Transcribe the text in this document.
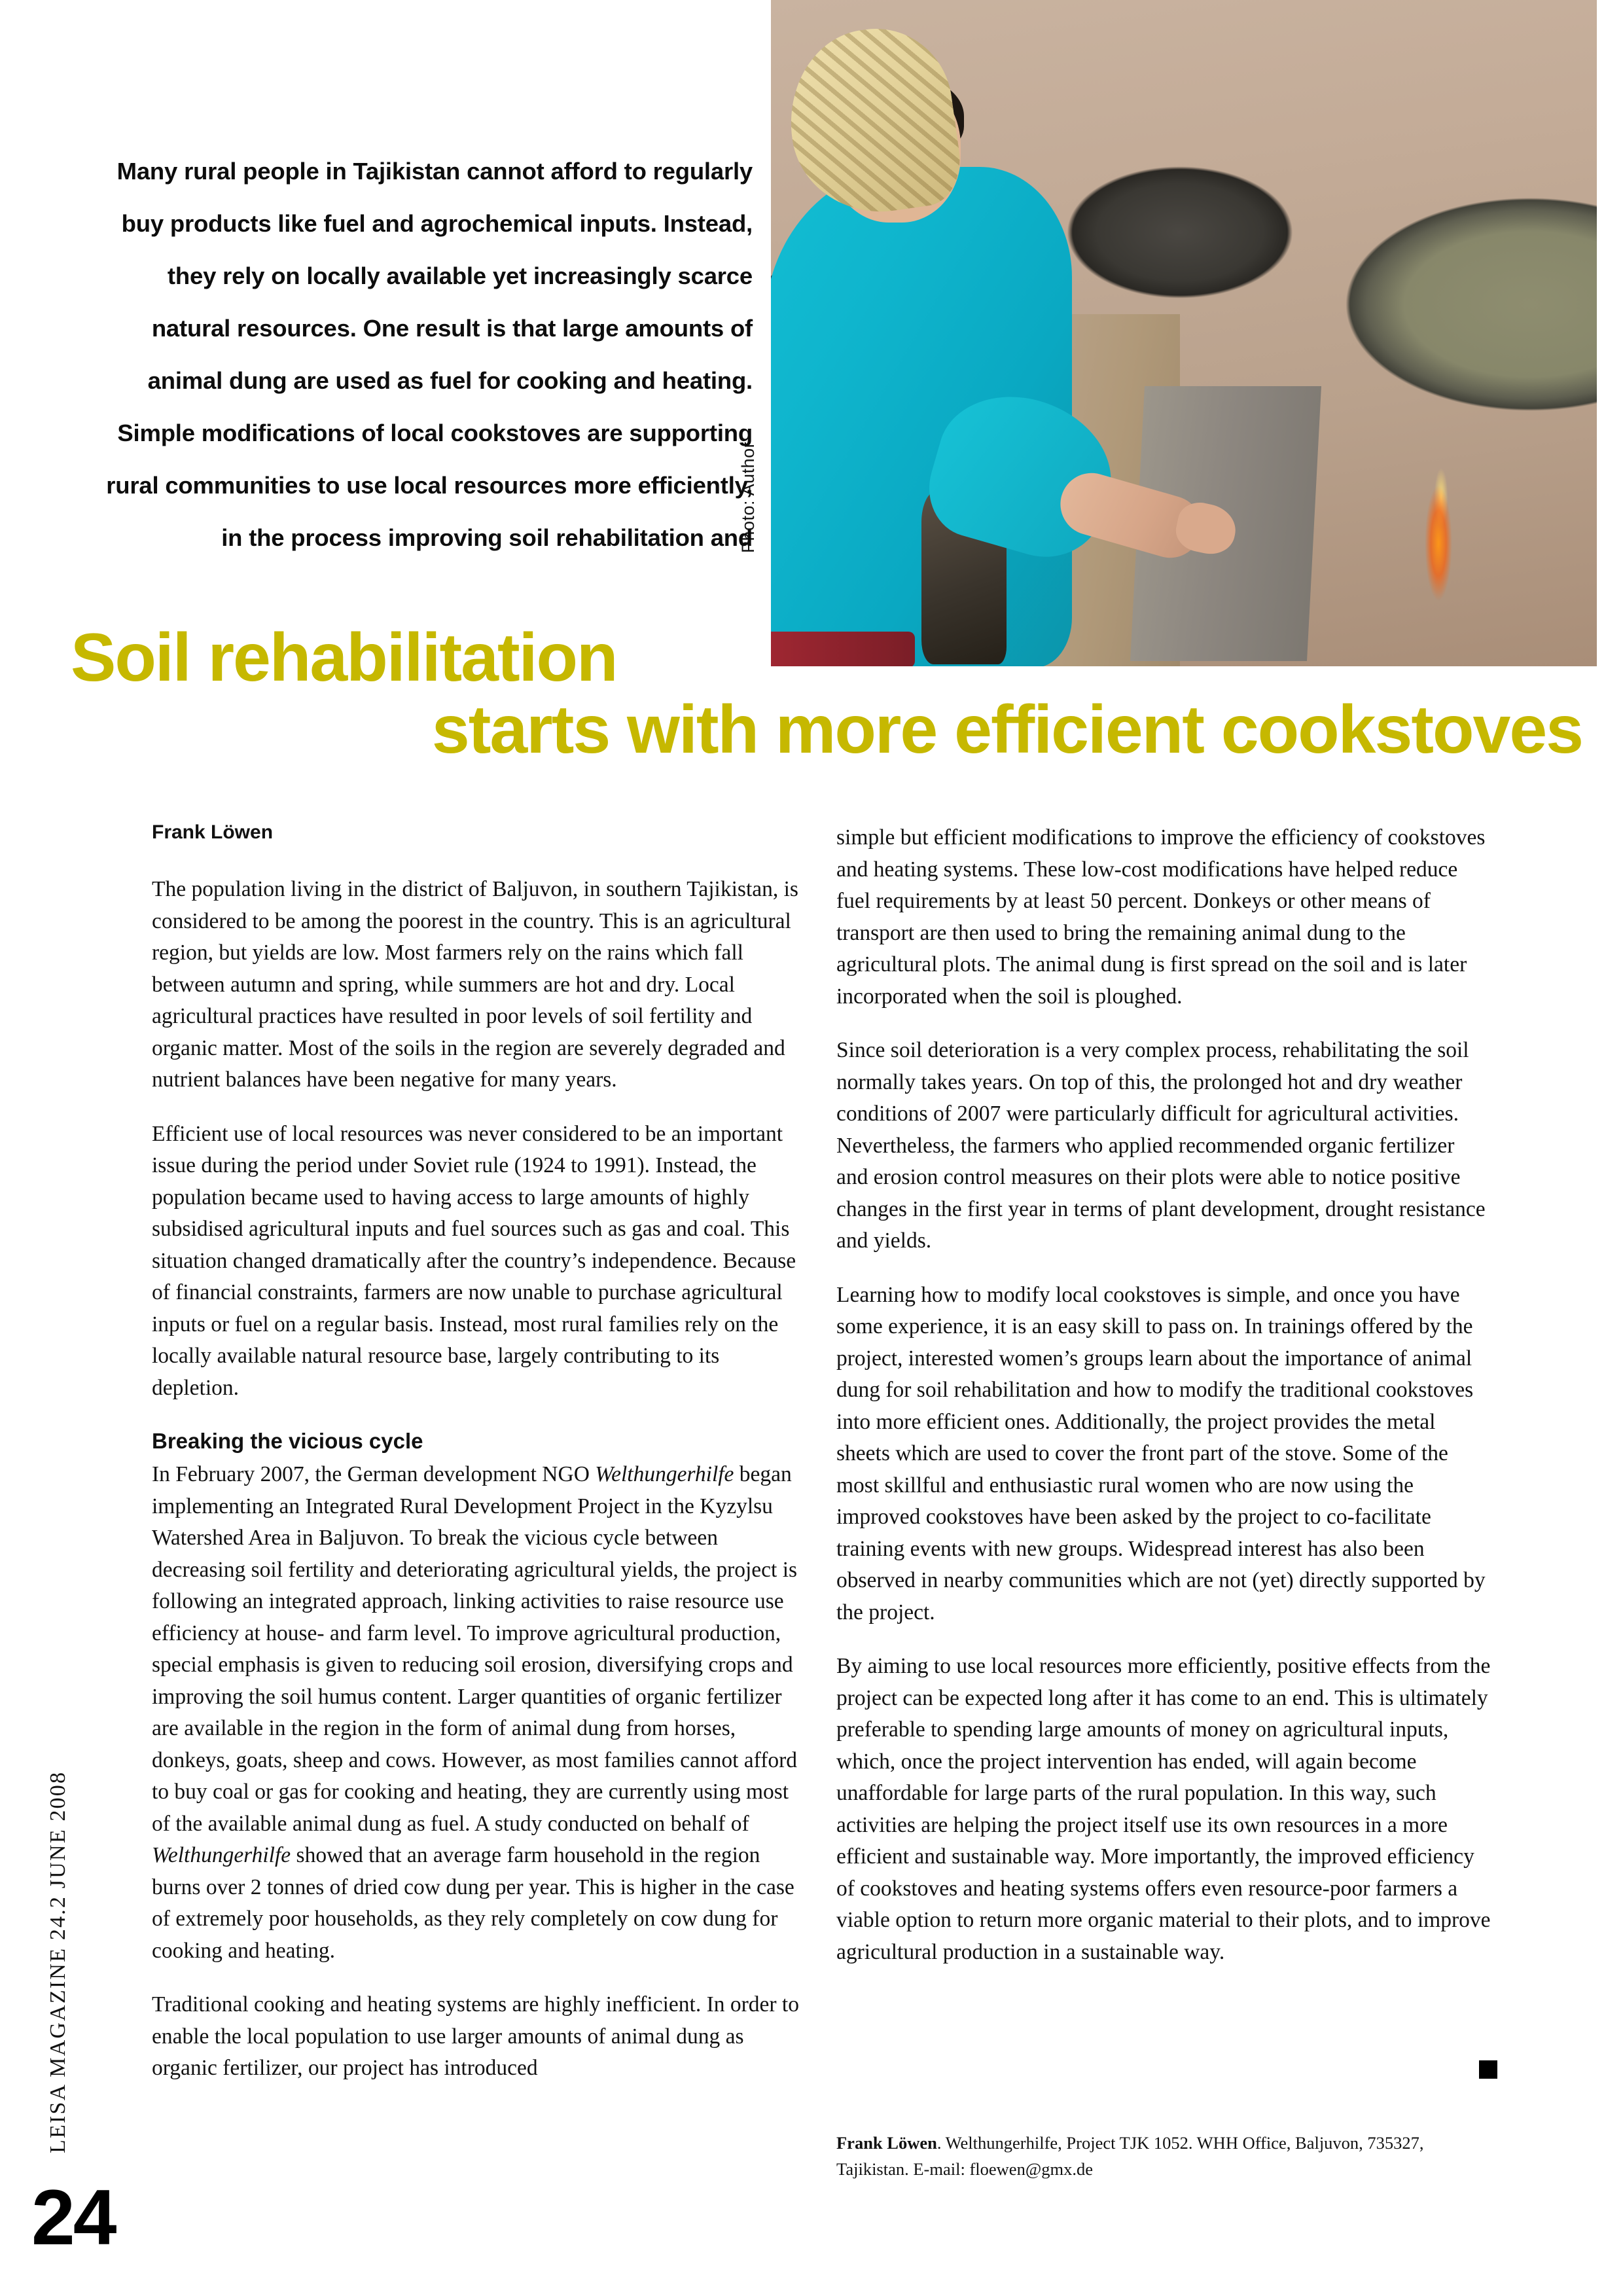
Photo: Author
Many rural people in Tajikistan cannot afford to regularly
buy products like fuel and agrochemical inputs. Instead,
they rely on locally available yet increasingly scarce
natural resources. One result is that large amounts of
animal dung are used as fuel for cooking and heating.
Simple modifications of local cookstoves are supporting
rural communities to use local resources more efficiently,
in the process improving soil rehabilitation and
Soil rehabilitation
starts with more efficient cookstoves
Frank Löwen

The population living in the district of Baljuvon, in southern Tajikistan, is considered to be among the poorest in the country. This is an agricultural region, but yields are low. Most farmers rely on the rains which fall between autumn and spring, while summers are hot and dry. Local agricultural practices have resulted in poor levels of soil fertility and organic matter. Most of the soils in the region are severely degraded and nutrient balances have been negative for many years.

Efficient use of local resources was never considered to be an important issue during the period under Soviet rule (1924 to 1991). Instead, the population became used to having access to large amounts of highly subsidised agricultural inputs and fuel sources such as gas and coal. This situation changed dramatically after the country’s independence. Because of financial constraints, farmers are now unable to purchase agricultural inputs or fuel on a regular basis. Instead, most rural families rely on the locally available natural resource base, largely contributing to its depletion.

Breaking the vicious cycle

In February 2007, the German development NGO Welthungerhilfe began implementing an Integrated Rural Development Project in the Kyzylsu Watershed Area in Baljuvon. To break the vicious cycle between decreasing soil fertility and deteriorating agricultural yields, the project is following an integrated approach, linking activities to raise resource use efficiency at house- and farm level. To improve agricultural production, special emphasis is given to reducing soil erosion, diversifying crops and improving the soil humus content. Larger quantities of organic fertilizer are available in the region in the form of animal dung from horses, donkeys, goats, sheep and cows. However, as most families cannot afford to buy coal or gas for cooking and heating, they are currently using most of the available animal dung as fuel. A study conducted on behalf of Welthungerhilfe showed that an average farm household in the region burns over 2 tonnes of dried cow dung per year. This is higher in the case of extremely poor households, as they rely completely on cow dung for cooking and heating.

Traditional cooking and heating systems are highly inefficient. In order to enable the local population to use larger amounts of animal dung as organic fertilizer, our project has introduced

simple but efficient modifications to improve the efficiency of cookstoves and heating systems. These low-cost modifications have helped reduce fuel requirements by at least 50 percent. Donkeys or other means of transport are then used to bring the remaining animal dung to the agricultural plots. The animal dung is first spread on the soil and is later incorporated when the soil is ploughed.

Since soil deterioration is a very complex process, rehabilitating the soil normally takes years. On top of this, the prolonged hot and dry weather conditions of 2007 were particularly difficult for agricultural activities. Nevertheless, the farmers who applied recommended organic fertilizer and erosion control measures on their plots were able to notice positive changes in the first year in terms of plant development, drought resistance and yields.

Learning how to modify local cookstoves is simple, and once you have some experience, it is an easy skill to pass on. In trainings offered by the project, interested women’s groups learn about the importance of animal dung for soil rehabilitation and how to modify the traditional cookstoves into more efficient ones. Additionally, the project provides the metal sheets which are used to cover the front part of the stove. Some of the most skillful and enthusiastic rural women who are now using the improved cookstoves have been asked by the project to co-facilitate training events with new groups. Widespread interest has also been observed in nearby communities which are not (yet) directly supported by the project.

By aiming to use local resources more efficiently, positive effects from the project can be expected long after it has come to an end. This is ultimately preferable to spending large amounts of money on agricultural inputs, which, once the project intervention has ended, will again become unaffordable for large parts of the rural population. In this way, such activities are helping the project itself use its own resources in a more efficient and sustainable way. More importantly, the improved efficiency of cookstoves and heating systems offers even resource-poor farmers a viable option to return more organic material to their plots, and to improve agricultural production in a sustainable way.

Frank Löwen. Welthungerhilfe, Project TJK 1052. WHH Office, Baljuvon, 735327, Tajikistan. E-mail: floewen@gmx.de
LEISA MAGAZINE 24.2 JUNE 2008
24
